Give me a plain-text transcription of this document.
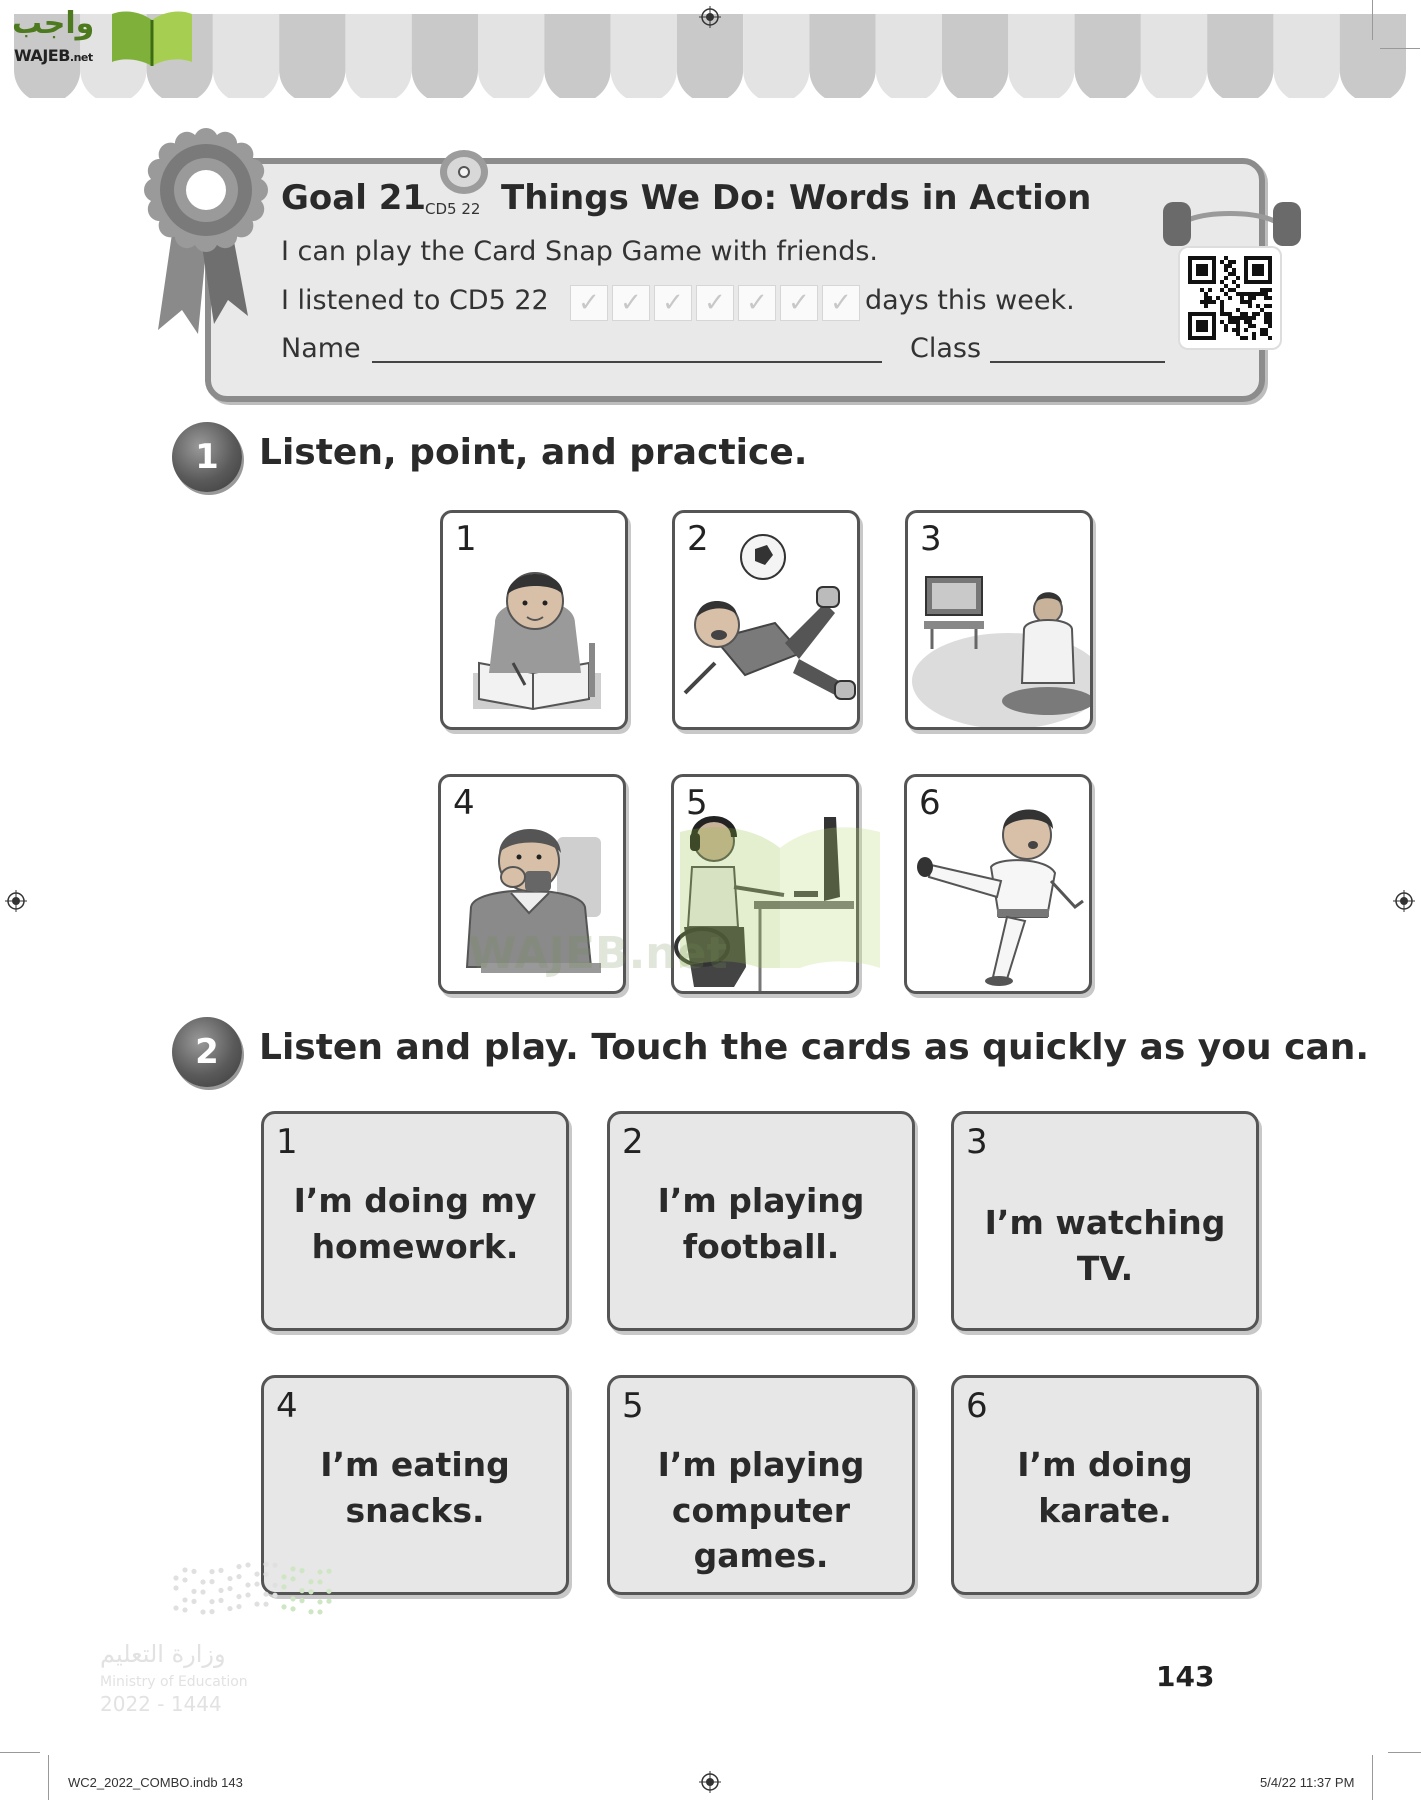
واجب
WAJEB.net
Goal 21
CD5 22 Things We Do: Words in Action
I can play the Card Snap Game with friends.
I listened to CD5 22	✓ ✓ ✓ ✓ ✓ ✓ ✓ days this week.
Name	Class
1	Listen, point, and practice.
1	2	3
4	5	6
WAJEB.net
2	Listen and play. Touch the cards as quickly as you can.
1
I’m doing my
homework.
2
I’m playing
football.
3
I’m watching TV.
4
I’m eating
snacks.
5
I’m playing
computer games.
6
I’m doing
karate.
وزارة التعليم
Ministry of Education
2022 - 1444
143
WC2_2022_COMBO.indb 143	5/4/22 11:37 PM
